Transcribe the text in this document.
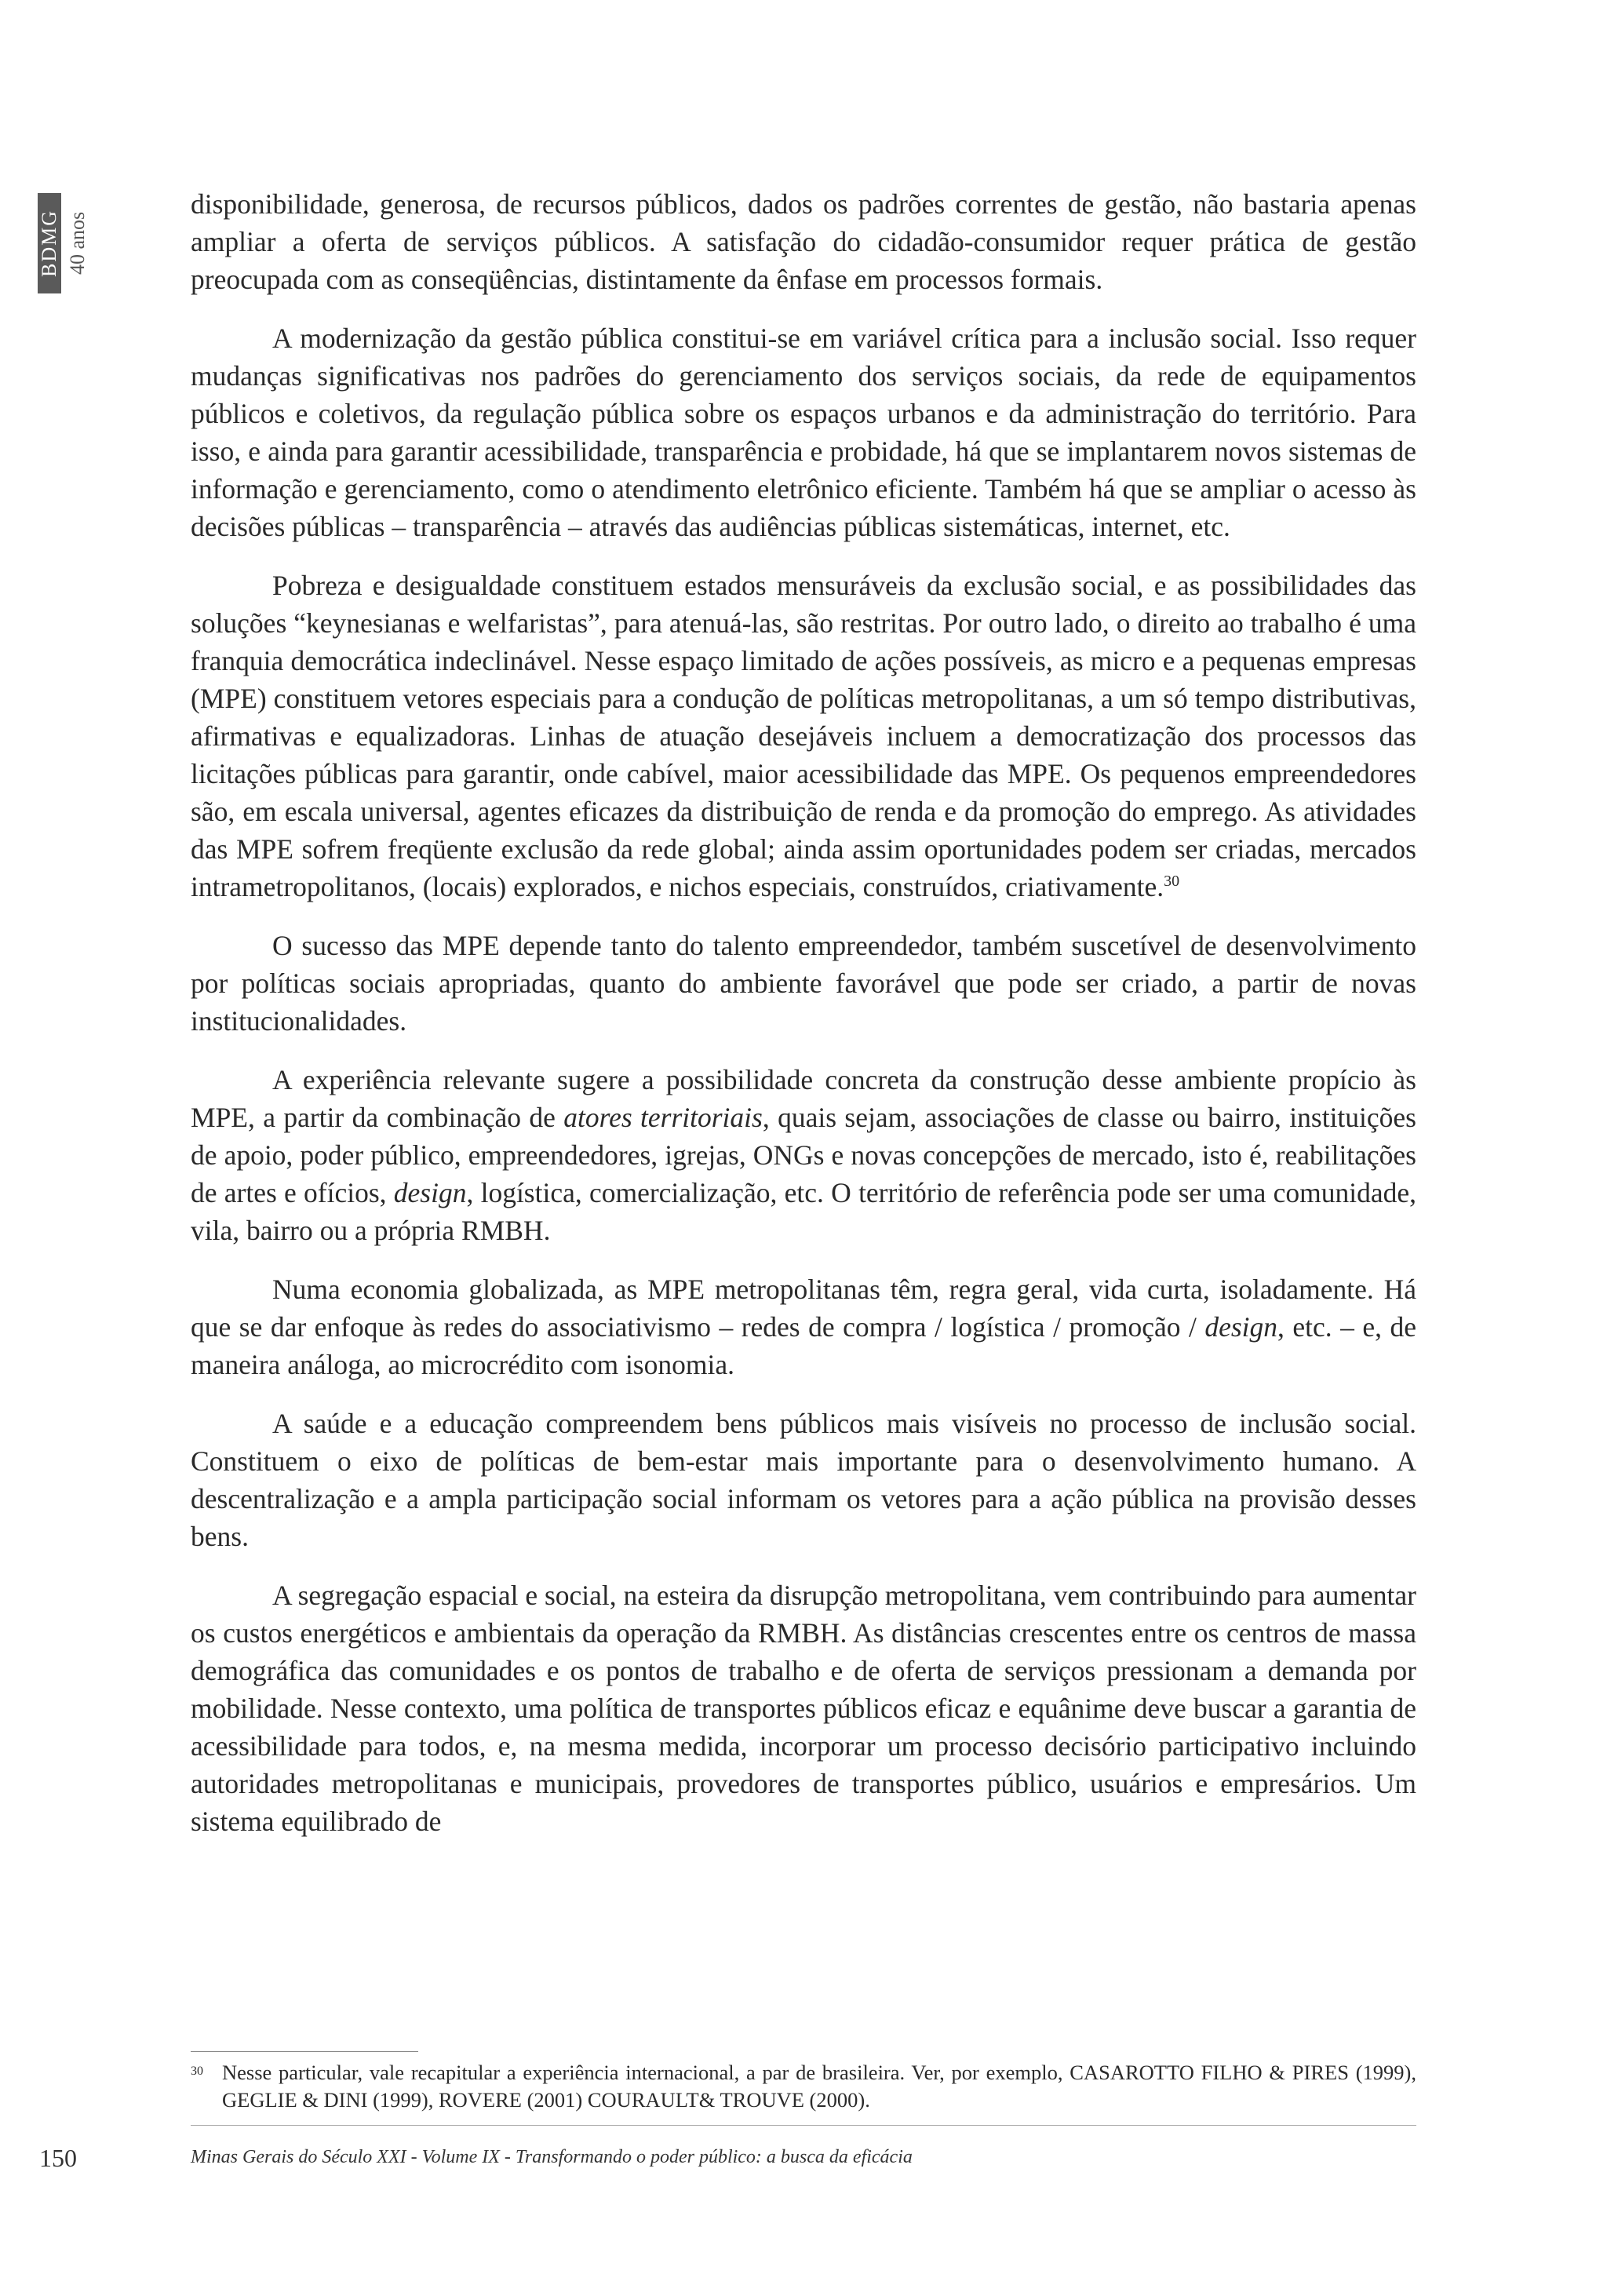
BDMG 40 anos

disponibilidade, generosa, de recursos públicos, dados os padrões correntes de gestão, não bastaria apenas ampliar a oferta de serviços públicos. A satisfação do cidadão-consumidor requer prática de gestão preocupada com as conseqüências, distintamente da ênfase em processos formais.

A modernização da gestão pública constitui-se em variável crítica para a inclusão social. Isso requer mudanças significativas nos padrões do gerenciamento dos serviços sociais, da rede de equipamentos públicos e coletivos, da regulação pública sobre os espaços urbanos e da administração do território. Para isso, e ainda para garantir acessibilidade, transparência e probidade, há que se implantarem novos sistemas de informação e gerenciamento, como o atendimento eletrônico eficiente. Também há que se ampliar o acesso às decisões públicas – transparência – através das audiências públicas sistemáticas, internet, etc.

Pobreza e desigualdade constituem estados mensuráveis da exclusão social, e as possibilidades das soluções “keynesianas e welfaristas”, para atenuá-las, são restritas. Por outro lado, o direito ao trabalho é uma franquia democrática indeclinável. Nesse espaço limitado de ações possíveis, as micro e a pequenas empresas (MPE) constituem vetores especiais para a condução de políticas metropolitanas, a um só tempo distributivas, afirmativas e equalizadoras. Linhas de atuação desejáveis incluem a democratização dos processos das licitações públicas para garantir, onde cabível, maior acessibilidade das MPE. Os pequenos empreendedores são, em escala universal, agentes eficazes da distribuição de renda e da promoção do emprego. As atividades das MPE sofrem freqüente exclusão da rede global; ainda assim oportunidades podem ser criadas, mercados intrametropolitanos, (locais) explorados, e nichos especiais, construídos, criativamente.$^{30}$

O sucesso das MPE depende tanto do talento empreendedor, também suscetível de desenvolvimento por políticas sociais apropriadas, quanto do ambiente favorável que pode ser criado, a partir de novas institucionalidades.

A experiência relevante sugere a possibilidade concreta da construção desse ambiente propício às MPE, a partir da combinação de atores territoriais, quais sejam, associações de classe ou bairro, instituições de apoio, poder público, empreendedores, igrejas, ONGs e novas concepções de mercado, isto é, reabilitações de artes e ofícios, design, logística, comercialização, etc. O território de referência pode ser uma comunidade, vila, bairro ou a própria RMBH.

Numa economia globalizada, as MPE metropolitanas têm, regra geral, vida curta, isoladamente. Há que se dar enfoque às redes do associativismo – redes de compra / logística / promoção / design, etc. – e, de maneira análoga, ao microcrédito com isonomia.

A saúde e a educação compreendem bens públicos mais visíveis no processo de inclusão social. Constituem o eixo de políticas de bem-estar mais importante para o desenvolvimento humano. A descentralização e a ampla participação social informam os vetores para a ação pública na provisão desses bens.

A segregação espacial e social, na esteira da disrupção metropolitana, vem contribuindo para aumentar os custos energéticos e ambientais da operação da RMBH. As distâncias crescentes entre os centros de massa demográfica das comunidades e os pontos de trabalho e de oferta de serviços pressionam a demanda por mobilidade. Nesse contexto, uma política de transportes públicos eficaz e equânime deve buscar a garantia de acessibilidade para todos, e, na mesma medida, incorporar um processo decisório participativo incluindo autoridades metropolitanas e municipais, provedores de transportes público, usuários e empresários. Um sistema equilibrado de

30 Nesse particular, vale recapitular a experiência internacional, a par de brasileira. Ver, por exemplo, CASAROTTO FILHO & PIRES (1999), GEGLIE & DINI (1999), ROVERE (2001) COURAULT& TROUVE (2000).
150	Minas Gerais do Século XXI - Volume IX - Transformando o poder público: a busca da eficácia
